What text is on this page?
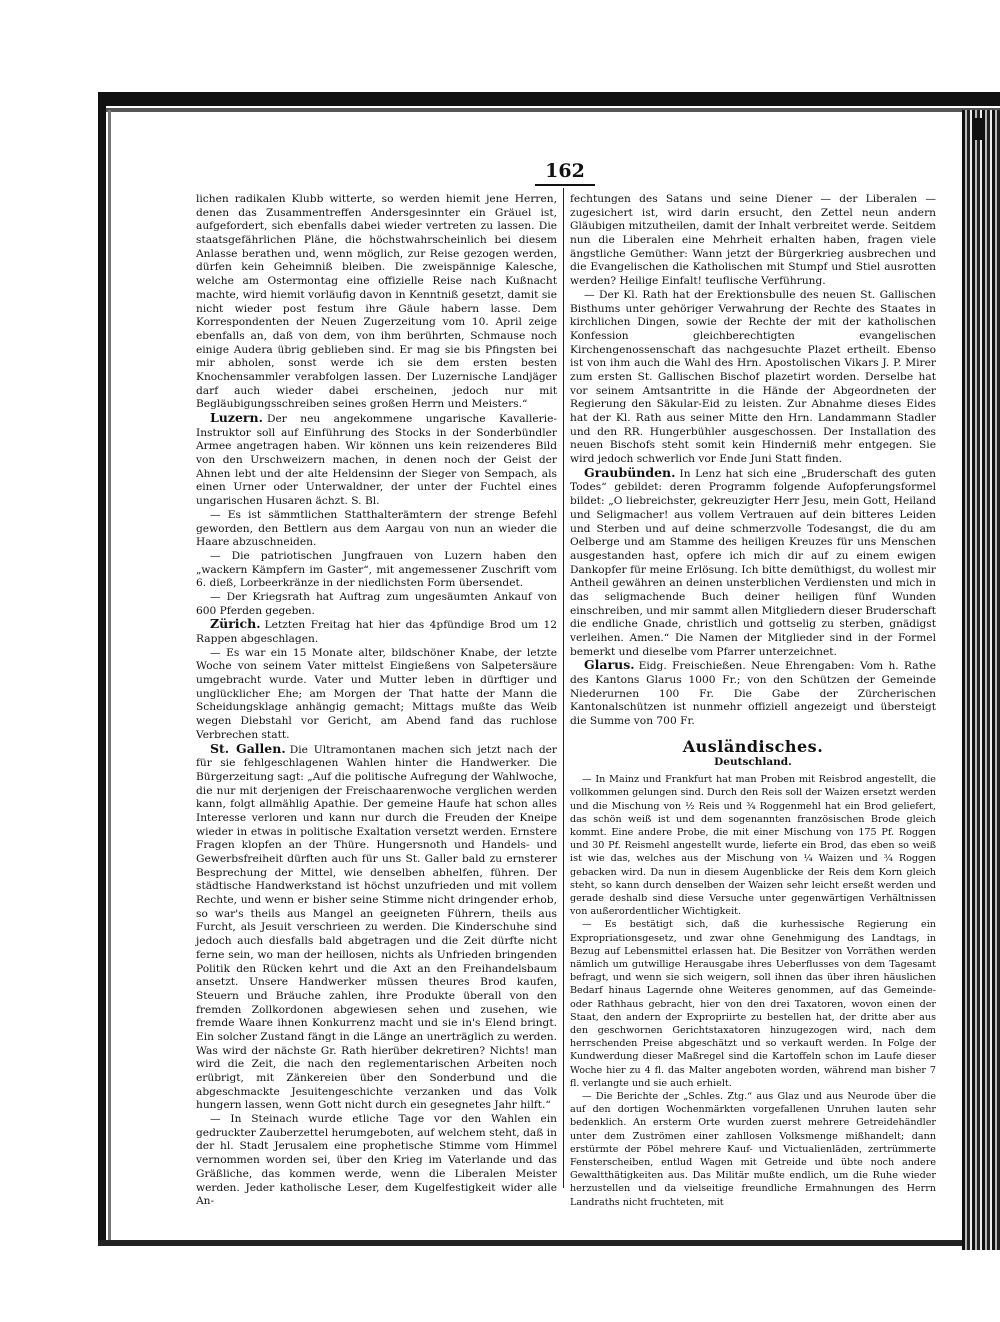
162

lichen radikalen Klubb witterte, so werden hiemit jene Herren, denen das Zusammentreffen Andersgesinnter ein Gräuel ist, aufgefordert, sich ebenfalls dabei wieder vertreten zu lassen. Die staatsgefährlichen Pläne, die höchstwahrscheinlich bei diesem Anlasse berathen und, wenn möglich, zur Reise gezogen werden, dürfen kein Geheimniß bleiben. Die zweispännige Kalesche, welche am Ostermontag eine offizielle Reise nach Kußnacht machte, wird hiemit vorläufig davon in Kenntniß gesetzt, damit sie nicht wieder post festum ihre Gäule habern lasse. Dem Korrespondenten der Neuen Zugerzeitung vom 10. April zeige ebenfalls an, daß von dem, von ihm berührten, Schmause noch einige Audera übrig geblieben sind. Er mag sie bis Pfingsten bei mir abholen, sonst werde ich sie dem ersten besten Knochensammler verabfolgen lassen. Der Luzernische Landjäger darf auch wieder dabei erscheinen, jedoch nur mit Begläubigungsschreiben seines großen Herrn und Meisters.“

Luzern. Der neu angekommene ungarische Kavallerie-Instruktor soll auf Einführung des Stocks in der Sonderbündler Armee angetragen haben. Wir können uns kein reizenderes Bild von den Urschweizern machen, in denen noch der Geist der Ahnen lebt und der alte Heldensinn der Sieger von Sempach, als einen Urner oder Unterwaldner, der unter der Fuchtel eines ungarischen Husaren ächzt. S. Bl.

— Es ist sämmtlichen Statthalterämtern der strenge Befehl geworden, den Bettlern aus dem Aargau von nun an wieder die Haare abzuschneiden.

— Die patriotischen Jungfrauen von Luzern haben den „wackern Kämpfern im Gaster“, mit angemessener Zuschrift vom 6. dieß, Lorbeerkränze in der niedlichsten Form übersendet.

— Der Kriegsrath hat Auftrag zum ungesäumten Ankauf von 600 Pferden gegeben.

Zürich. Letzten Freitag hat hier das 4pfündige Brod um 12 Rappen abgeschlagen.

— Es war ein 15 Monate alter, bildschöner Knabe, der letzte Woche von seinem Vater mittelst Eingießens von Salpetersäure umgebracht wurde. Vater und Mutter leben in dürftiger und unglücklicher Ehe; am Morgen der That hatte der Mann die Scheidungsklage anhängig gemacht; Mittags mußte das Weib wegen Diebstahl vor Gericht, am Abend fand das ruchlose Verbrechen statt.

St. Gallen. Die Ultramontanen machen sich jetzt nach der für sie fehlgeschlagenen Wahlen hinter die Handwerker. Die Bürgerzeitung sagt: „Auf die politische Aufregung der Wahlwoche, die nur mit derjenigen der Freischaarenwoche verglichen werden kann, folgt allmählig Apathie. Der gemeine Haufe hat schon alles Interesse verloren und kann nur durch die Freuden der Kneipe wieder in etwas in politische Exaltation versetzt werden. Ernstere Fragen klopfen an der Thüre. Hungersnoth und Handels- und Gewerbsfreiheit dürften auch für uns St. Galler bald zu ernsterer Besprechung der Mittel, wie denselben abhelfen, führen. Der städtische Handwerkstand ist höchst unzufrieden und mit vollem Rechte, und wenn er bisher seine Stimme nicht dringender erhob, so war's theils aus Mangel an geeigneten Führern, theils aus Furcht, als Jesuit verschrieen zu werden. Die Kinderschuhe sind jedoch auch diesfalls bald abgetragen und die Zeit dürfte nicht ferne sein, wo man der heillosen, nichts als Unfrieden bringenden Politik den Rücken kehrt und die Axt an den Freihandelsbaum ansetzt. Unsere Handwerker müssen theures Brod kaufen, Steuern und Bräuche zahlen, ihre Produkte überall von den fremden Zollkordonen abgewiesen sehen und zusehen, wie fremde Waare ihnen Konkurrenz macht und sie in's Elend bringt. Ein solcher Zustand fängt in die Länge an unerträglich zu werden. Was wird der nächste Gr. Rath hierüber dekretiren? Nichts! man wird die Zeit, die nach den reglementarischen Arbeiten noch erübrigt, mit Zänkereien über den Sonderbund und die abgeschmackte Jesuitengeschichte verzanken und das Volk hungern lassen, wenn Gott nicht durch ein gesegnetes Jahr hilft.“

— In Steinach wurde etliche Tage vor den Wahlen ein gedruckter Zauberzettel herumgeboten, auf welchem steht, daß in der hl. Stadt Jerusalem eine prophetische Stimme vom Himmel vernommen worden sei, über den Krieg im Vaterlande und das Gräßliche, das kommen werde, wenn die Liberalen Meister werden. Jeder katholische Leser, dem Kugelfestigkeit wider alle An-

fechtungen des Satans und seine Diener — der Liberalen — zugesichert ist, wird darin ersucht, den Zettel neun andern Gläubigen mitzutheilen, damit der Inhalt verbreitet werde. Seitdem nun die Liberalen eine Mehrheit erhalten haben, fragen viele ängstliche Gemüther: Wann jetzt der Bürgerkrieg ausbrechen und die Evangelischen die Katholischen mit Stumpf und Stiel ausrotten werden? Heilige Einfalt! teuflische Verführung.

— Der Kl. Rath hat der Erektionsbulle des neuen St. Gallischen Bisthums unter gehöriger Verwahrung der Rechte des Staates in kirchlichen Dingen, sowie der Rechte der mit der katholischen Konfession gleichberechtigten evangelischen Kirchengenossenschaft das nachgesuchte Plazet ertheilt. Ebenso ist von ihm auch die Wahl des Hrn. Apostolischen Vikars J. P. Mirer zum ersten St. Gallischen Bischof plazetirt worden. Derselbe hat vor seinem Amtsantritte in die Hände der Abgeordneten der Regierung den Säkular-Eid zu leisten. Zur Abnahme dieses Eides hat der Kl. Rath aus seiner Mitte den Hrn. Landammann Stadler und den RR. Hungerbühler ausgeschossen. Der Installation des neuen Bischofs steht somit kein Hinderniß mehr entgegen. Sie wird jedoch schwerlich vor Ende Juni Statt finden.

Graubünden. In Lenz hat sich eine „Bruderschaft des guten Todes“ gebildet: deren Programm folgende Aufopferungsformel bildet: „O liebreichster, gekreuzigter Herr Jesu, mein Gott, Heiland und Seligmacher! aus vollem Vertrauen auf dein bitteres Leiden und Sterben und auf deine schmerzvolle Todesangst, die du am Oelberge und am Stamme des heiligen Kreuzes für uns Menschen ausgestanden hast, opfere ich mich dir auf zu einem ewigen Dankopfer für meine Erlösung. Ich bitte demüthigst, du wollest mir Antheil gewähren an deinen unsterblichen Verdiensten und mich in das seligmachende Buch deiner heiligen fünf Wunden einschreiben, und mir sammt allen Mitgliedern dieser Bruderschaft die endliche Gnade, christlich und gottselig zu sterben, gnädigst verleihen. Amen.“ Die Namen der Mitglieder sind in der Formel bemerkt und dieselbe vom Pfarrer unterzeichnet.

Glarus. Eidg. Freischießen. Neue Ehrengaben: Vom h. Rathe des Kantons Glarus 1000 Fr.; von den Schützen der Gemeinde Niederurnen 100 Fr. Die Gabe der Zürcherischen Kantonalschützen ist nunmehr offiziell angezeigt und übersteigt die Summe von 700 Fr.

Ausländisches.
Deutschland.

— In Mainz und Frankfurt hat man Proben mit Reisbrod angestellt, die vollkommen gelungen sind. Durch den Reis soll der Waizen ersetzt werden und die Mischung von ½ Reis und ¾ Roggenmehl hat ein Brod geliefert, das schön weiß ist und dem sogenannten französischen Brode gleich kommt. Eine andere Probe, die mit einer Mischung von 175 Pf. Roggen und 30 Pf. Reismehl angestellt wurde, lieferte ein Brod, das eben so weiß ist wie das, welches aus der Mischung von ¼ Waizen und ¾ Roggen gebacken wird. Da nun in diesem Augenblicke der Reis dem Korn gleich steht, so kann durch denselben der Waizen sehr leicht erseßt werden und gerade deshalb sind diese Versuche unter gegenwärtigen Verhältnissen von außerordentlicher Wichtigkeit.

— Es bestätigt sich, daß die kurhessische Regierung ein Expropriationsgesetz, und zwar ohne Genehmigung des Landtags, in Bezug auf Lebensmittel erlassen hat. Die Besitzer von Vorräthen werden nämlich um gutwillige Herausgabe ihres Ueberflusses von dem Tagesamt befragt, und wenn sie sich weigern, soll ihnen das über ihren häuslichen Bedarf hinaus Lagernde ohne Weiteres genommen, auf das Gemeinde- oder Rathhaus gebracht, hier von den drei Taxatoren, wovon einen der Staat, den andern der Expropriirte zu bestellen hat, der dritte aber aus den geschwornen Gerichtstaxatoren hinzugezogen wird, nach dem herrschenden Preise abgeschätzt und so verkauft werden. In Folge der Kundwerdung dieser Maßregel sind die Kartoffeln schon im Laufe dieser Woche hier zu 4 fl. das Malter angeboten worden, während man bisher 7 fl. verlangte und sie auch erhielt.

— Die Berichte der „Schles. Ztg.“ aus Glaz und aus Neurode über die auf den dortigen Wochenmärkten vorgefallenen Unruhen lauten sehr bedenklich. An ersterm Orte wurden zuerst mehrere Getreidehändler unter dem Zuströmen einer zahllosen Volksmenge mißhandelt; dann erstürmte der Pöbel mehrere Kauf- und Victualienläden, zertrümmerte Fensterscheiben, entlud Wagen mit Getreide und übte noch andere Gewaltthätigkeiten aus. Das Militär mußte endlich, um die Ruhe wieder herzustellen und da vielseitige freundliche Ermahnungen des Herrn Landraths nicht fruchteten, mit
